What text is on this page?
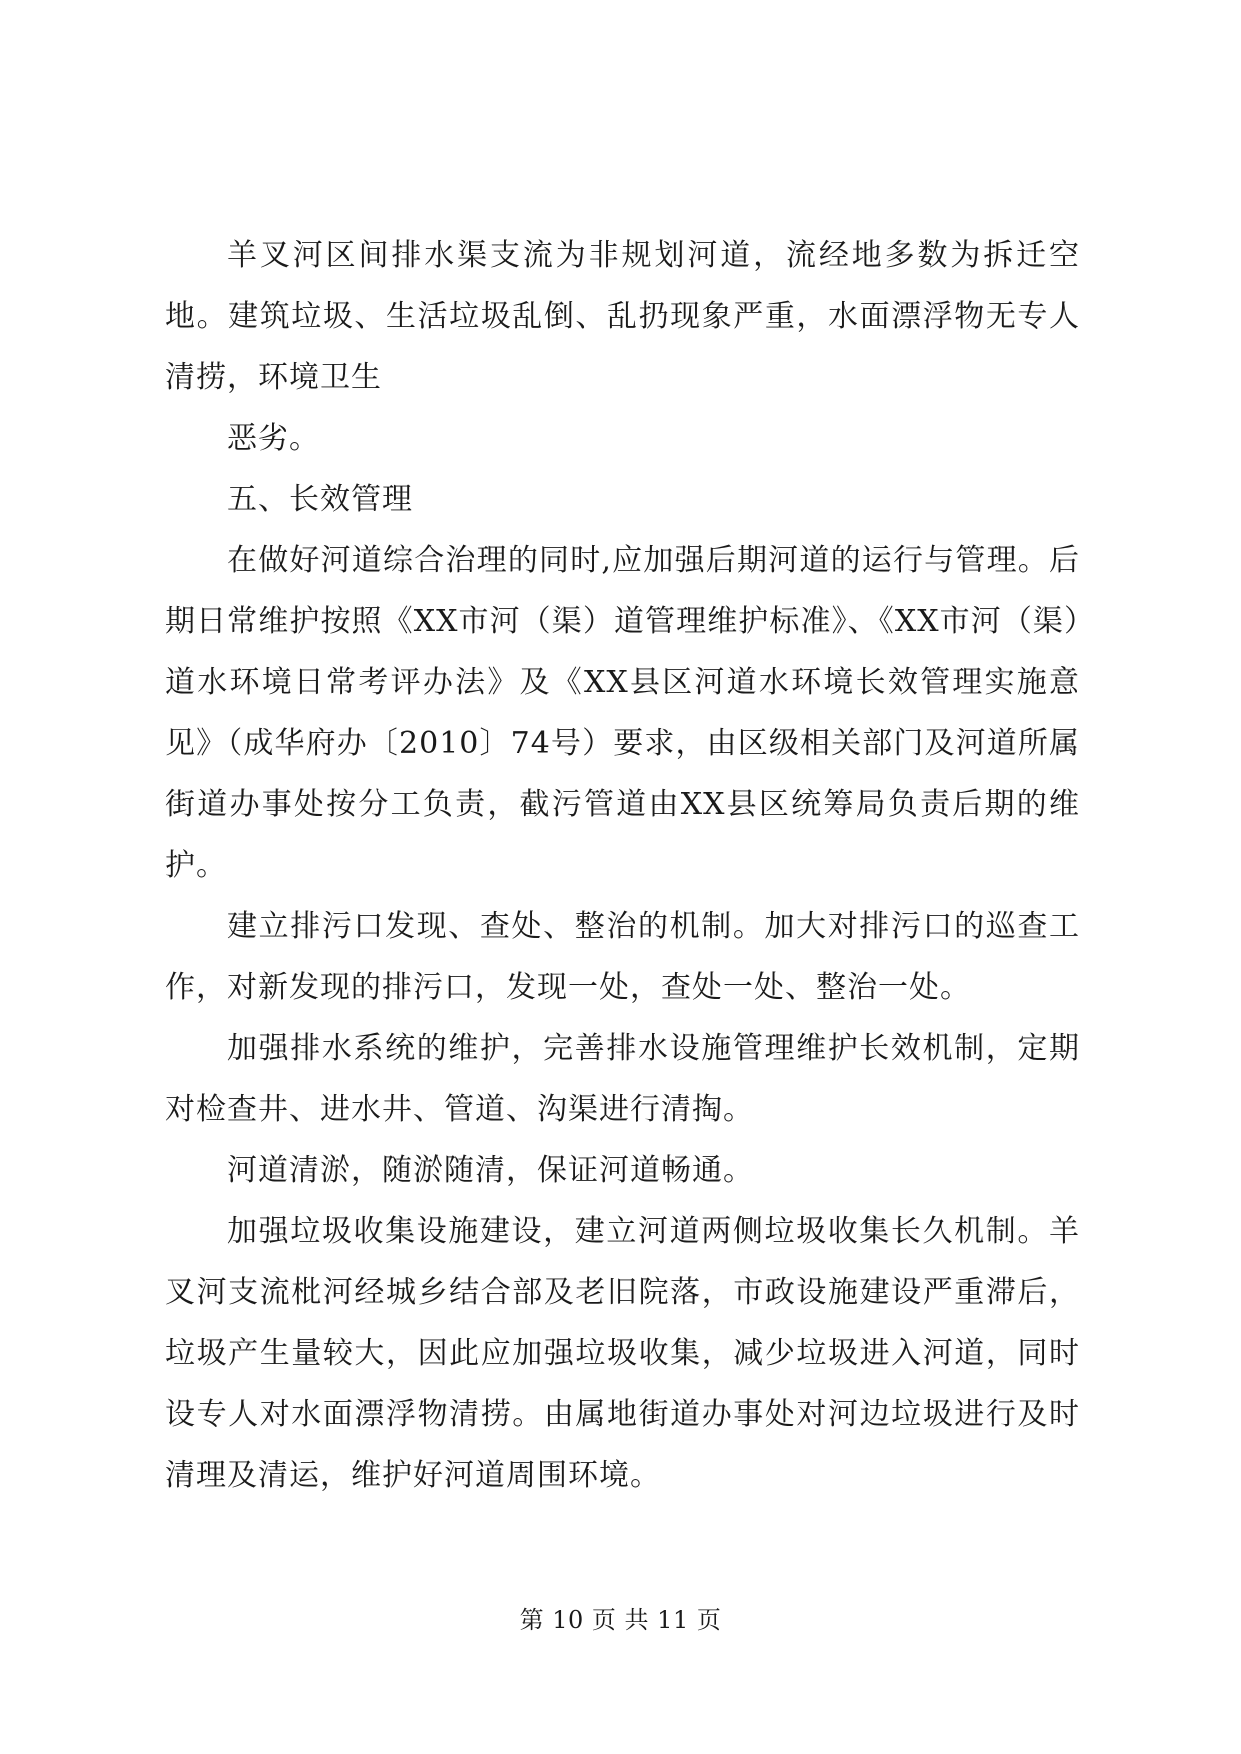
羊叉河区间排水渠支流为非规划河道，流经地多数为拆迁空地。建筑垃圾、生活垃圾乱倒、乱扔现象严重，水面漂浮物无专人清捞，环境卫生

恶劣。

五、长效管理

在做好河道综合治理的同时,应加强后期河道的运行与管理。后期日常维护按照《XX市河（渠）道管理维护标准》、《XX市河（渠）道水环境日常考评办法》及《XX县区河道水环境长效管理实施意见》（成华府办〔2010〕74号）要求，由区级相关部门及河道所属街道办事处按分工负责，截污管道由XX县区统筹局负责后期的维护。

建立排污口发现、查处、整治的机制。加大对排污口的巡查工作，对新发现的排污口，发现一处，查处一处、整治一处。

加强排水系统的维护，完善排水设施管理维护长效机制，定期对检查井、进水井、管道、沟渠进行清掏。

河道清淤，随淤随清，保证河道畅通。

加强垃圾收集设施建设，建立河道两侧垃圾收集长久机制。羊叉河支流枇河经城乡结合部及老旧院落，市政设施建设严重滞后，垃圾产生量较大，因此应加强垃圾收集，减少垃圾进入河道，同时设专人对水面漂浮物清捞。由属地街道办事处对河边垃圾进行及时清理及清运，维护好河道周围环境。

第 10 页 共 11 页
